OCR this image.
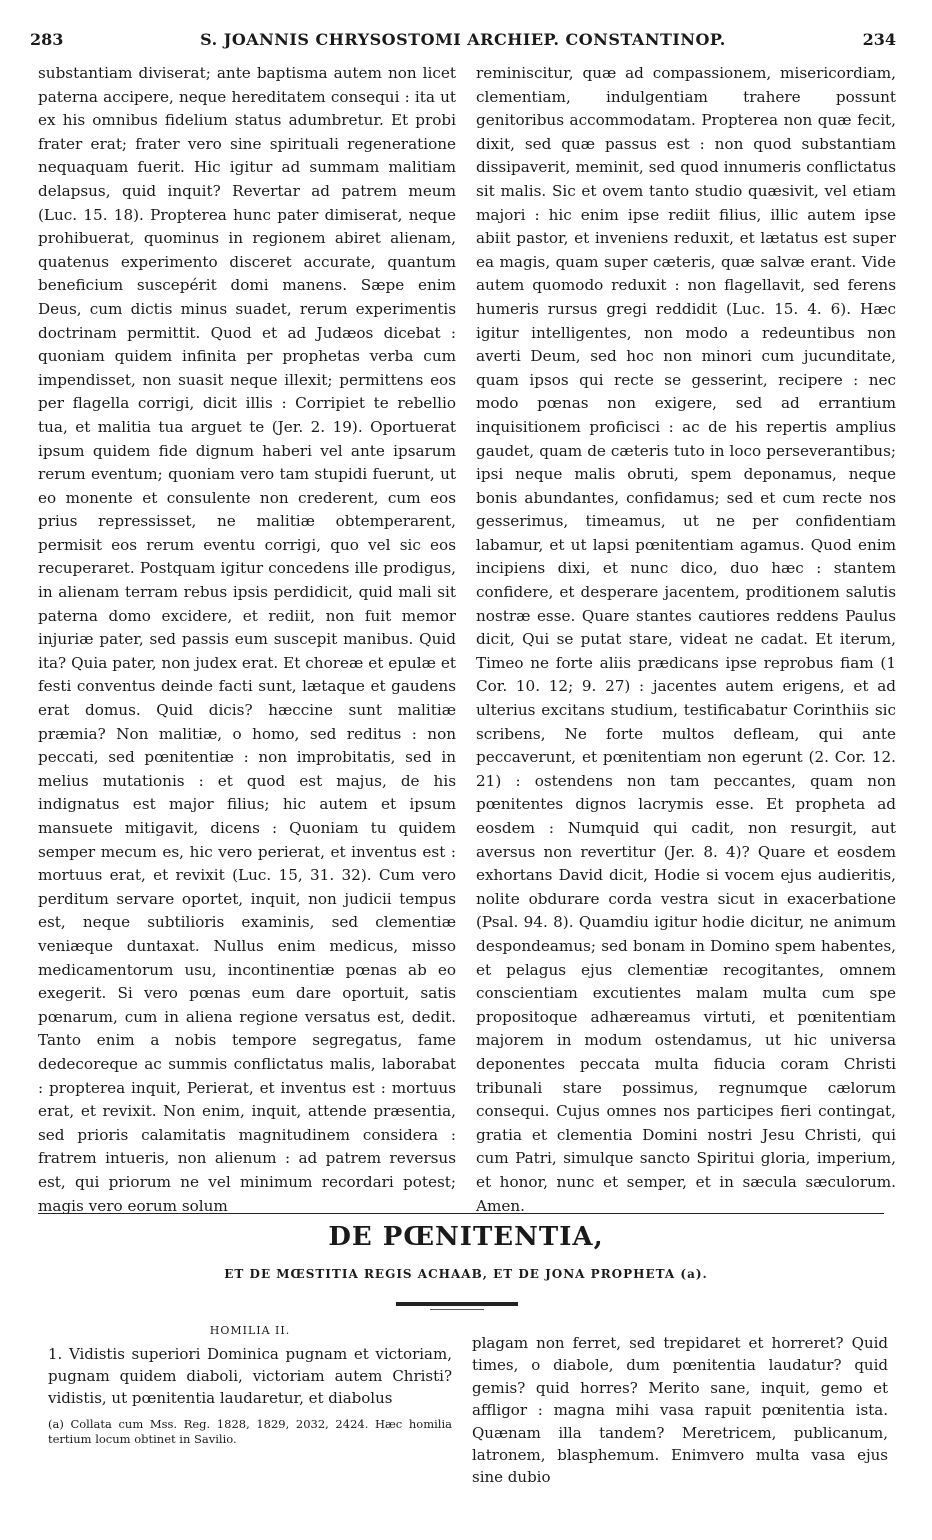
283	S. JOANNIS CHRYSOSTOMI ARCHIEP. CONSTANTINOP.	234

substantiam diviserat; ante baptisma autem non licet paterna accipere, neque hereditatem consequi : ita ut ex his omnibus fidelium status adumbretur. Et probi frater erat; frater vero sine spirituali regeneratione nequaquam fuerit. Hic igitur ad summam malitiam delapsus, quid inquit? Revertar ad patrem meum (Luc. 15. 18). Propterea hunc pater dimiserat, neque prohibuerat, quominus in regionem abiret alienam, quatenus experimento disceret accurate, quantum beneficium suscepérit domi manens. Sæpe enim Deus, cum dictis minus suadet, rerum experimentis doctrinam permittit. Quod et ad Judæos dicebat : quoniam quidem infinita per prophetas verba cum impendisset, non suasit neque illexit; permittens eos per flagella corrigi, dicit illis : Corripiet te rebellio tua, et malitia tua arguet te (Jer. 2. 19). Oportuerat ipsum quidem fide dignum haberi vel ante ipsarum rerum eventum; quoniam vero tam stupidi fuerunt, ut eo monente et consulente non crederent, cum eos prius repressisset, ne malitiæ obtemperarent, permisit eos rerum eventu corrigi, quo vel sic eos recuperaret. Postquam igitur concedens ille prodigus, in alienam terram rebus ipsis perdidicit, quid mali sit paterna domo excidere, et rediit, non fuit memor injuriæ pater, sed passis eum suscepit manibus. Quid ita? Quia pater, non judex erat. Et choreæ et epulæ et festi conventus deinde facti sunt, lætaque et gaudens erat domus. Quid dicis? hæccine sunt malitiæ præmia? Non malitiæ, o homo, sed reditus : non peccati, sed pœnitentiæ : non improbitatis, sed in melius mutationis : et quod est majus, de his indignatus est major filius; hic autem et ipsum mansuete mitigavit, dicens : Quoniam tu quidem semper mecum es, hic vero perierat, et inventus est : mortuus erat, et revixit (Luc. 15, 31. 32). Cum vero perditum servare oportet, inquit, non judicii tempus est, neque subtilioris examinis, sed clementiæ veniæque duntaxat. Nullus enim medicus, misso medicamentorum usu, incontinentiæ pœnas ab eo exegerit. Si vero pœnas eum dare oportuit, satis pœnarum, cum in aliena regione versatus est, dedit. Tanto enim a nobis tempore segregatus, fame dedecoreque ac summis conflictatus malis, laborabat : propterea inquit, Perierat, et inventus est : mortuus erat, et revixit. Non enim, inquit, attende præsentia, sed prioris calamitatis magnitudinem considera : fratrem intueris, non alienum : ad patrem reversus est, qui priorum ne vel minimum recordari potest; magis vero eorum solum

reminiscitur, quæ ad compassionem, misericordiam, clementiam, indulgentiam trahere possunt genitoribus accommodatam. Propterea non quæ fecit, dixit, sed quæ passus est : non quod substantiam dissipaverit, meminit, sed quod innumeris conflictatus sit malis. Sic et ovem tanto studio quæsivit, vel etiam majori : hic enim ipse rediit filius, illic autem ipse abiit pastor, et inveniens reduxit, et lætatus est super ea magis, quam super cæteris, quæ salvæ erant. Vide autem quomodo reduxit : non flagellavit, sed ferens humeris rursus gregi reddidit (Luc. 15. 4. 6). Hæc igitur intelligentes, non modo a redeuntibus non averti Deum, sed hoc non minori cum jucunditate, quam ipsos qui recte se gesserint, recipere : nec modo pœnas non exigere, sed ad errantium inquisitionem proficisci : ac de his repertis amplius gaudet, quam de cæteris tuto in loco perseverantibus; ipsi neque malis obruti, spem deponamus, neque bonis abundantes, confidamus; sed et cum recte nos gesserimus, timeamus, ut ne per confidentiam labamur, et ut lapsi pœnitentiam agamus. Quod enim incipiens dixi, et nunc dico, duo hæc : stantem confidere, et desperare jacentem, proditionem salutis nostræ esse. Quare stantes cautiores reddens Paulus dicit, Qui se putat stare, videat ne cadat. Et iterum, Timeo ne forte aliis prædicans ipse reprobus fiam (1 Cor. 10. 12; 9. 27) : jacentes autem erigens, et ad ulterius excitans studium, testificabatur Corinthiis sic scribens, Ne forte multos defleam, qui ante peccaverunt, et pœnitentiam non egerunt (2. Cor. 12. 21) : ostendens non tam peccantes, quam non pœnitentes dignos lacrymis esse. Et propheta ad eosdem : Numquid qui cadit, non resurgit, aut aversus non revertitur (Jer. 8. 4)? Quare et eosdem exhortans David dicit, Hodie si vocem ejus audieritis, nolite obdurare corda vestra sicut in exacerbatione (Psal. 94. 8). Quamdiu igitur hodie dicitur, ne animum despondeamus; sed bonam in Domino spem habentes, et pelagus ejus clementiæ recogitantes, omnem conscientiam excutientes malam multa cum spe propositoque adhæreamus virtuti, et pœnitentiam majorem in modum ostendamus, ut hic universa deponentes peccata multa fiducia coram Christi tribunali stare possimus, regnumque cælorum consequi. Cujus omnes nos participes fieri contingat, gratia et clementia Domini nostri Jesu Christi, qui cum Patri, simulque sancto Spiritui gloria, imperium, et honor, nunc et semper, et in sæcula sæculorum. Amen.

DE PŒNITENTIA,
ET DE MŒSTITIA REGIS ACHAAB, ET DE JONA PROPHETA (a).
HOMILIA II.
1. Vidistis superiori Dominica pugnam et victoriam, pugnam quidem diaboli, victoriam autem Christi? vidistis, ut pœnitentia laudaretur, et diabolus
(a) Collata cum Mss. Reg. 1828, 1829, 2032, 2424. Hæc homilia tertium locum obtinet in Savilio.
plagam non ferret, sed trepidaret et horreret? Quid times, o diabole, dum pœnitentia laudatur? quid gemis? quid horres? Merito sane, inquit, gemo et affligor : magna mihi vasa rapuit pœnitentia ista. Quænam illa tandem? Meretricem, publicanum, latronem, blasphemum. Enimvero multa vasa ejus sine dubio
